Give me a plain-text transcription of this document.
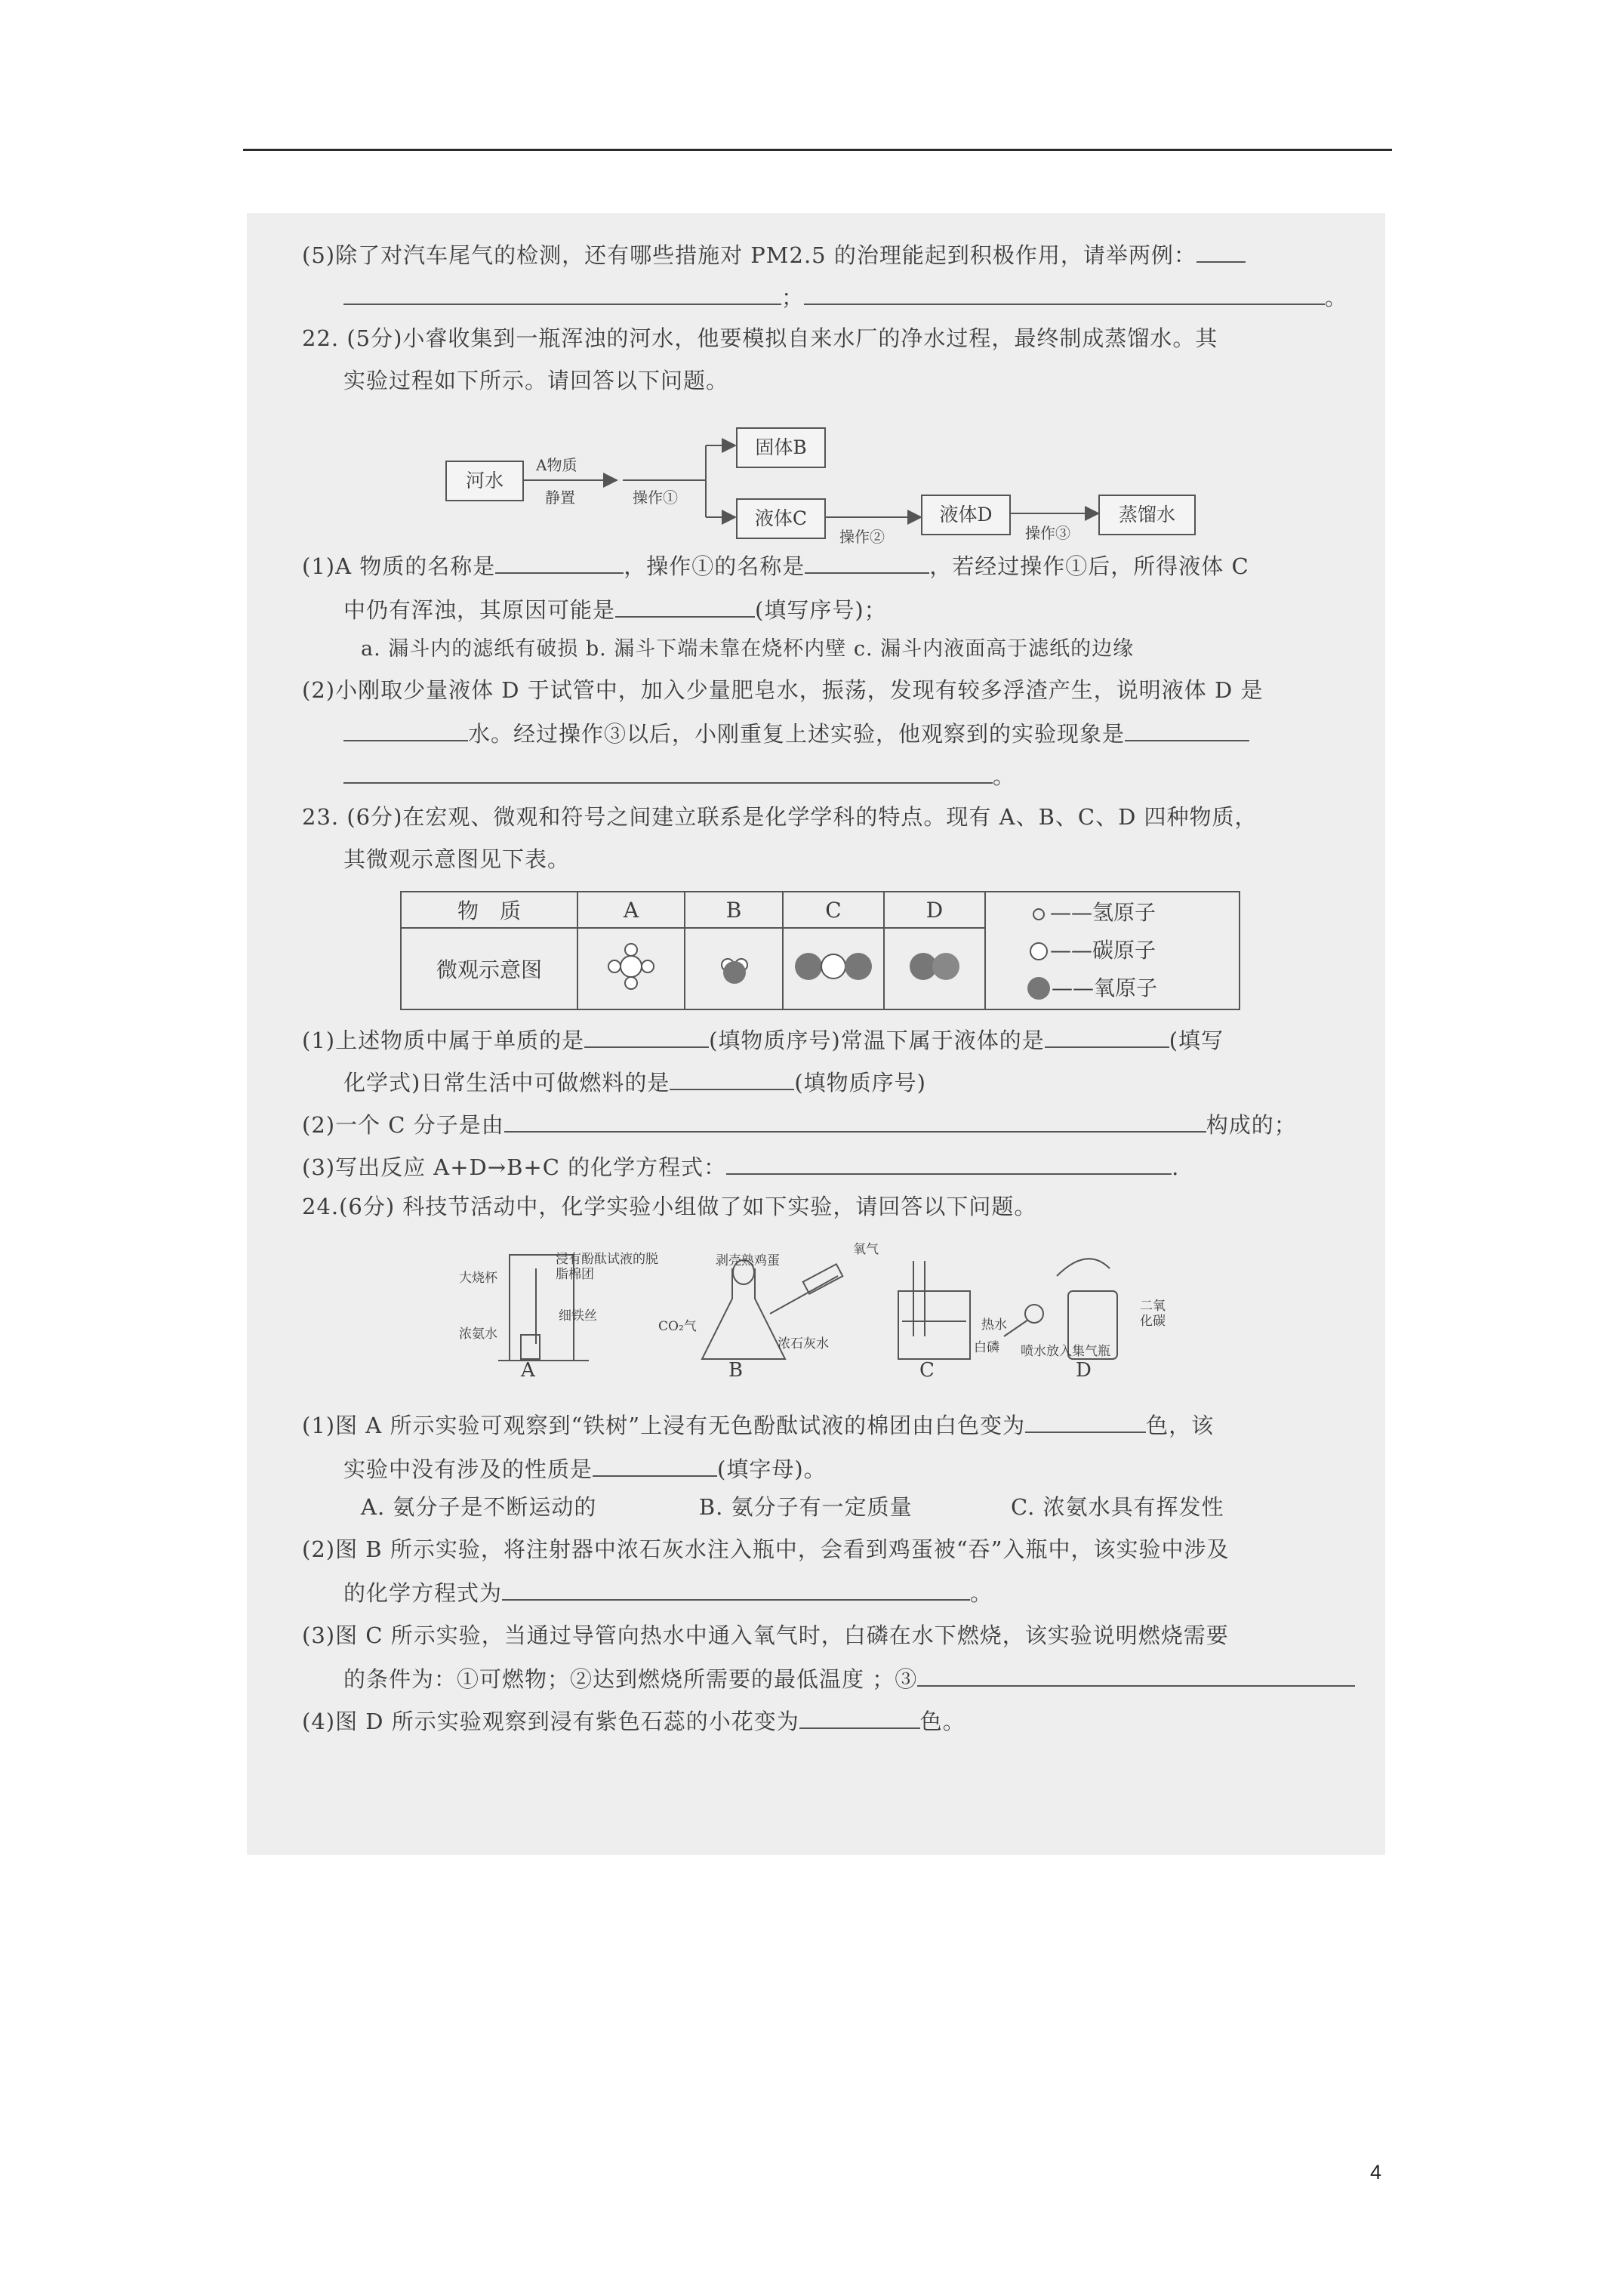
(5)除了对汽车尾气的检测，还有哪些措施对 PM2.5 的治理能起到积极作用，请举两例：
；	。
22. (5分)小睿收集到一瓶浑浊的河水，他要模拟自来水厂的净水过程，最终制成蒸馏水。其
实验过程如下所示。请回答以下问题。
河水
A物质
静置	操作①
固体B
液体C
操作②
液体D
操作③
蒸馏水
(1)A 物质的名称是	，操作①的名称是	，若经过操作①后，所得液体 C
中仍有浑浊，其原因可能是	(填写序号)；
a. 漏斗内的滤纸有破损 b. 漏斗下端未靠在烧杯内壁 c. 漏斗内液面高于滤纸的边缘
(2)小刚取少量液体 D 于试管中，加入少量肥皂水，振荡，发现有较多浮渣产生，说明液体 D 是
水。经过操作③以后，小刚重复上述实验，他观察到的实验现象是
。
23. (6分)在宏观、微观和符号之间建立联系是化学学科的特点。现有 A、B、C、D 四种物质，
其微观示意图见下表。
物　质	A	B	C	D	——氢原子
——碳原子
——氧原子

微观示意图				
(1)上述物质中属于单质的是	(填物质序号)常温下属于液体的是	(填写
化学式)日常生活中可做燃料的是	(填物质序号)
(2)一个 C 分子是由	构成的；
(3)写出反应 A+D→B+C 的化学方程式：	.
24.(6分) 科技节活动中，化学实验小组做了如下实验，请回答以下问题。
大烧杯
浸有酚酞试液的脱脂棉团
细铁丝
浓氨水
剥壳熟鸡蛋
CO₂气
浓石灰水
氧气
热水
白磷 喷水放入集气瓶
二氧化碳
A	B	C	D
(1)图 A 所示实验可观察到“铁树”上浸有无色酚酞试液的棉团由白色变为	色，该
实验中没有涉及的性质是	(填字母)。
A. 氨分子是不断运动的	B. 氨分子有一定质量	C. 浓氨水具有挥发性
(2)图 B 所示实验，将注射器中浓石灰水注入瓶中，会看到鸡蛋被“吞”入瓶中，该实验中涉及
的化学方程式为	。
(3)图 C 所示实验，当通过导管向热水中通入氧气时，白磷在水下燃烧，该实验说明燃烧需要
的条件为：①可燃物；②达到燃烧所需要的最低温度 ；③
(4)图 D 所示实验观察到浸有紫色石蕊的小花变为	色。
4
